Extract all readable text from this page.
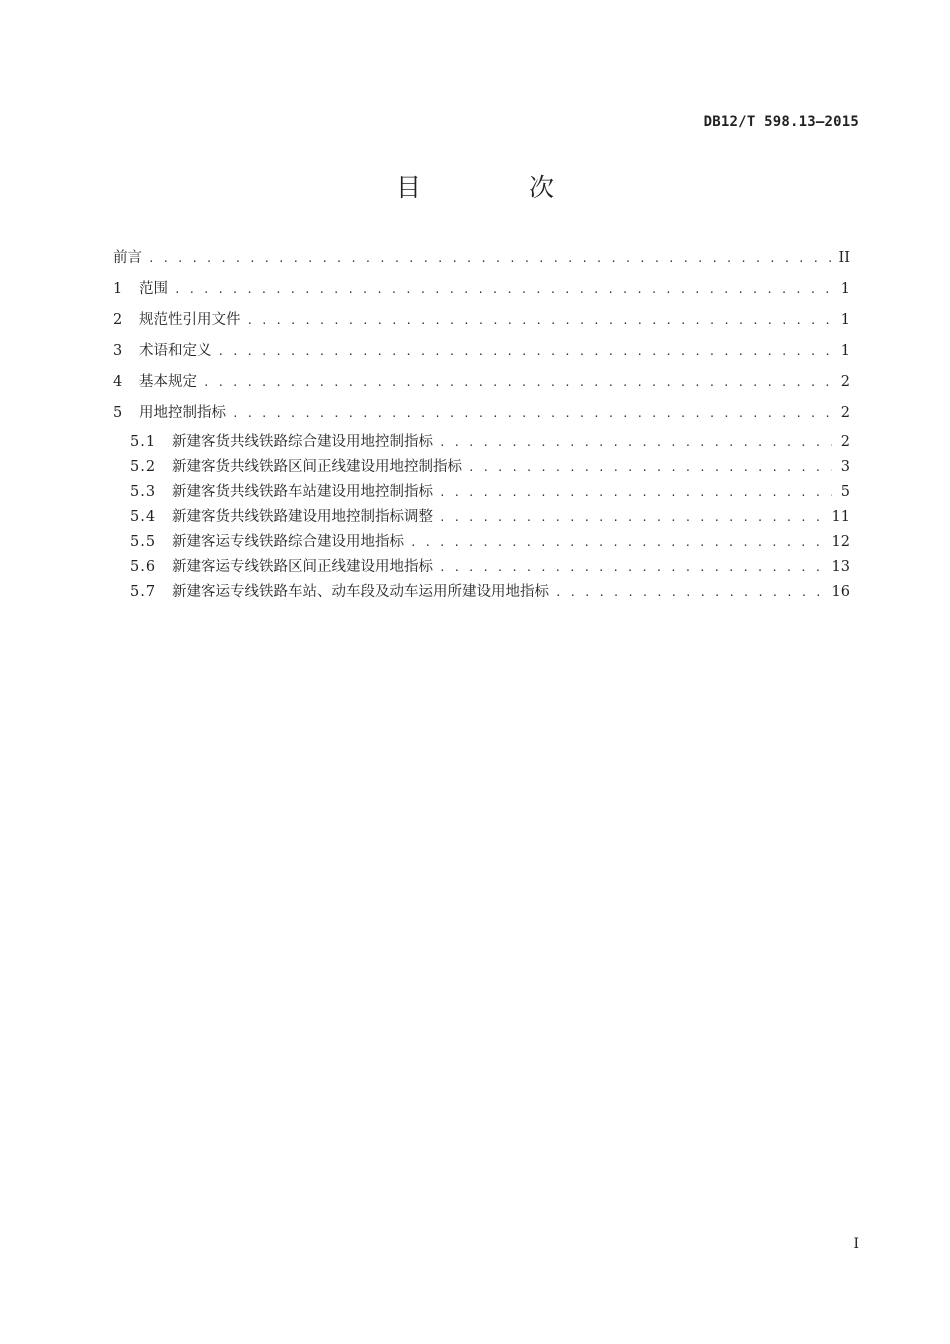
DB12/T 598.13—2015
目 次
前言 . . .	II
1	范围 . . .	1
2	规范性引用文件 . . .	1
3	术语和定义 . . .	1
4	基本规定 . . .	2
5	用地控制指标 . . .	2
5.1	新建客货共线铁路综合建设用地控制指标 . . .	2
5.2	新建客货共线铁路区间正线建设用地控制指标 . . .	3
5.3	新建客货共线铁路车站建设用地控制指标 . . .	5
5.4	新建客货共线铁路建设用地控制指标调整 . . .	11
5.5	新建客运专线铁路综合建设用地指标 . . .	12
5.6	新建客运专线铁路区间正线建设用地指标 . . .	13
5.7	新建客运专线铁路车站、动车段及动车运用所建设用地指标 . . .	16
I
